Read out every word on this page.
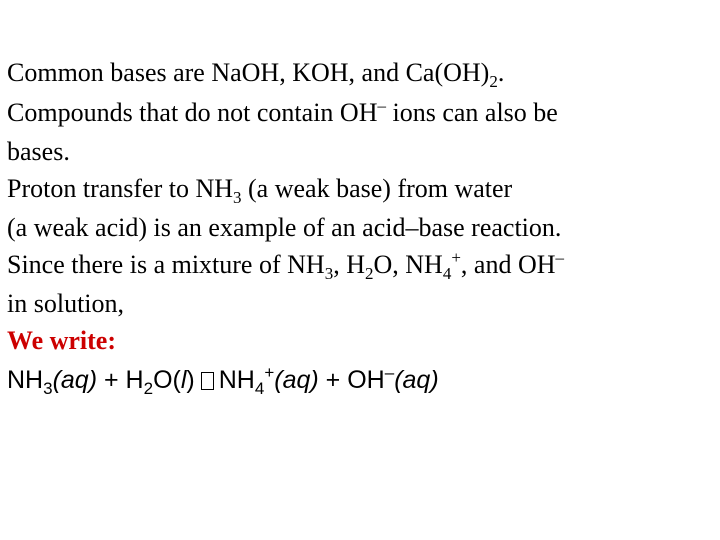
Common bases are NaOH, KOH, and $Ca(OH)_2$.
Compounds that do not contain OH– ions can also be
bases.
Proton transfer to $NH_3$ (a weak base) from water
(a weak acid) is an example of an acid–base reaction.
Since there is a mixture of $NH_3$, $H_2O$, $NH_4^+$, and OH–
in solution,
We write:
$NH_3(aq) + H_2O(l) NH_4^+(aq) + OH^-(aq)$
